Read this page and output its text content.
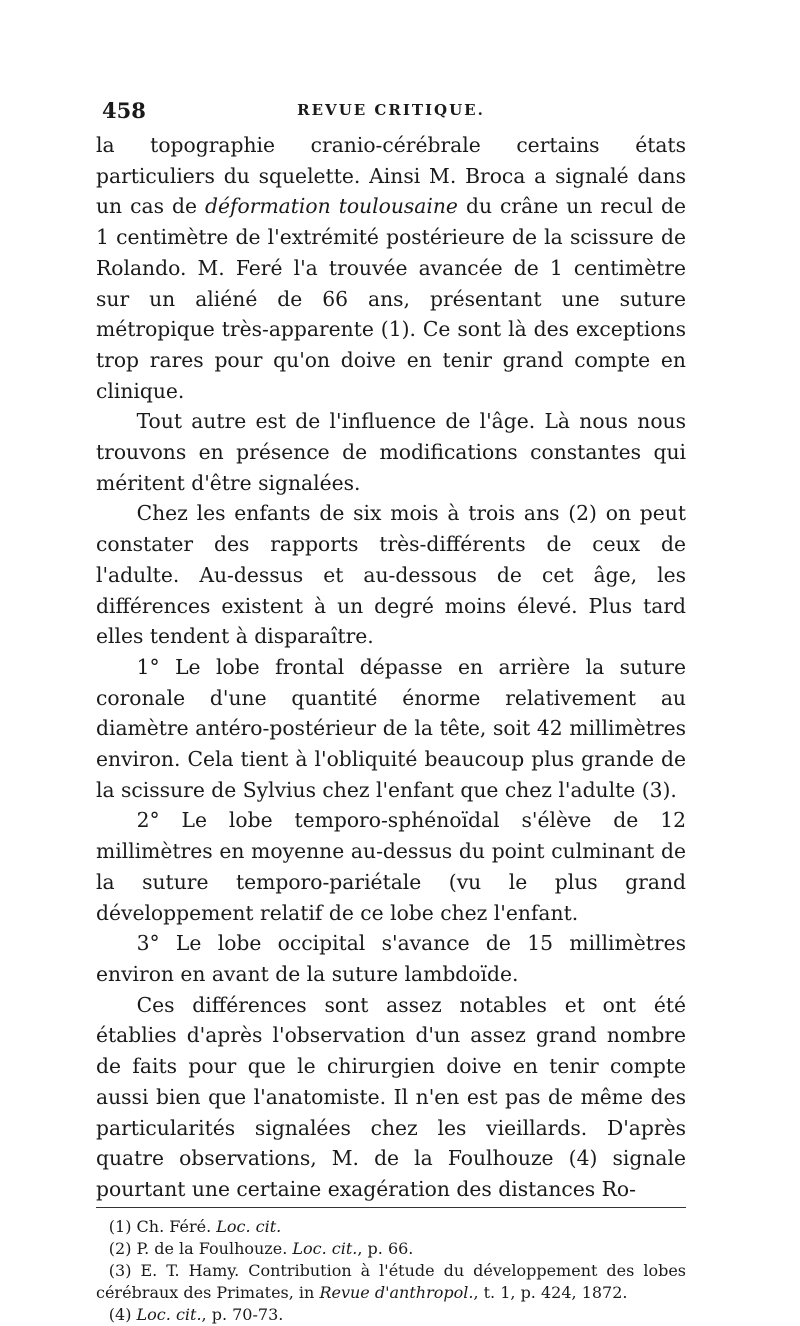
458	REVUE CRITIQUE.

la topographie cranio-cérébrale certains états particuliers du squelette. Ainsi M. Broca a signalé dans un cas de déformation toulousaine du crâne un recul de 1 centimètre de l'extrémité postérieure de la scissure de Rolando. M. Feré l'a trouvée avancée de 1 centimètre sur un aliéné de 66 ans, présentant une suture métropique très-apparente (1). Ce sont là des exceptions trop rares pour qu'on doive en tenir grand compte en clinique.

Tout autre est de l'influence de l'âge. Là nous nous trouvons en présence de modifications constantes qui méritent d'être signalées.

Chez les enfants de six mois à trois ans (2) on peut constater des rapports très-différents de ceux de l'adulte. Au-dessus et au-dessous de cet âge, les différences existent à un degré moins élevé. Plus tard elles tendent à disparaître.

1° Le lobe frontal dépasse en arrière la suture coronale d'une quantité énorme relativement au diamètre antéro-postérieur de la tête, soit 42 millimètres environ. Cela tient à l'obliquité beaucoup plus grande de la scissure de Sylvius chez l'enfant que chez l'adulte (3).

2° Le lobe temporo-sphénoïdal s'élève de 12 millimètres en moyenne au-dessus du point culminant de la suture temporo-pariétale (vu le plus grand développement relatif de ce lobe chez l'enfant.

3° Le lobe occipital s'avance de 15 millimètres environ en avant de la suture lambdoïde.

Ces différences sont assez notables et ont été établies d'après l'observation d'un assez grand nombre de faits pour que le chirurgien doive en tenir compte aussi bien que l'anatomiste. Il n'en est pas de même des particularités signalées chez les vieillards. D'après quatre observations, M. de la Foulhouze (4) signale pourtant une certaine exagération des distances Ro-

(1) Ch. Féré. Loc. cit.

(2) P. de la Foulhouze. Loc. cit., p. 66.

(3) E. T. Hamy. Contribution à l'étude du développement des lobes cérébraux des Primates, in Revue d'anthropol., t. 1, p. 424, 1872.

(4) Loc. cit., p. 70-73.
